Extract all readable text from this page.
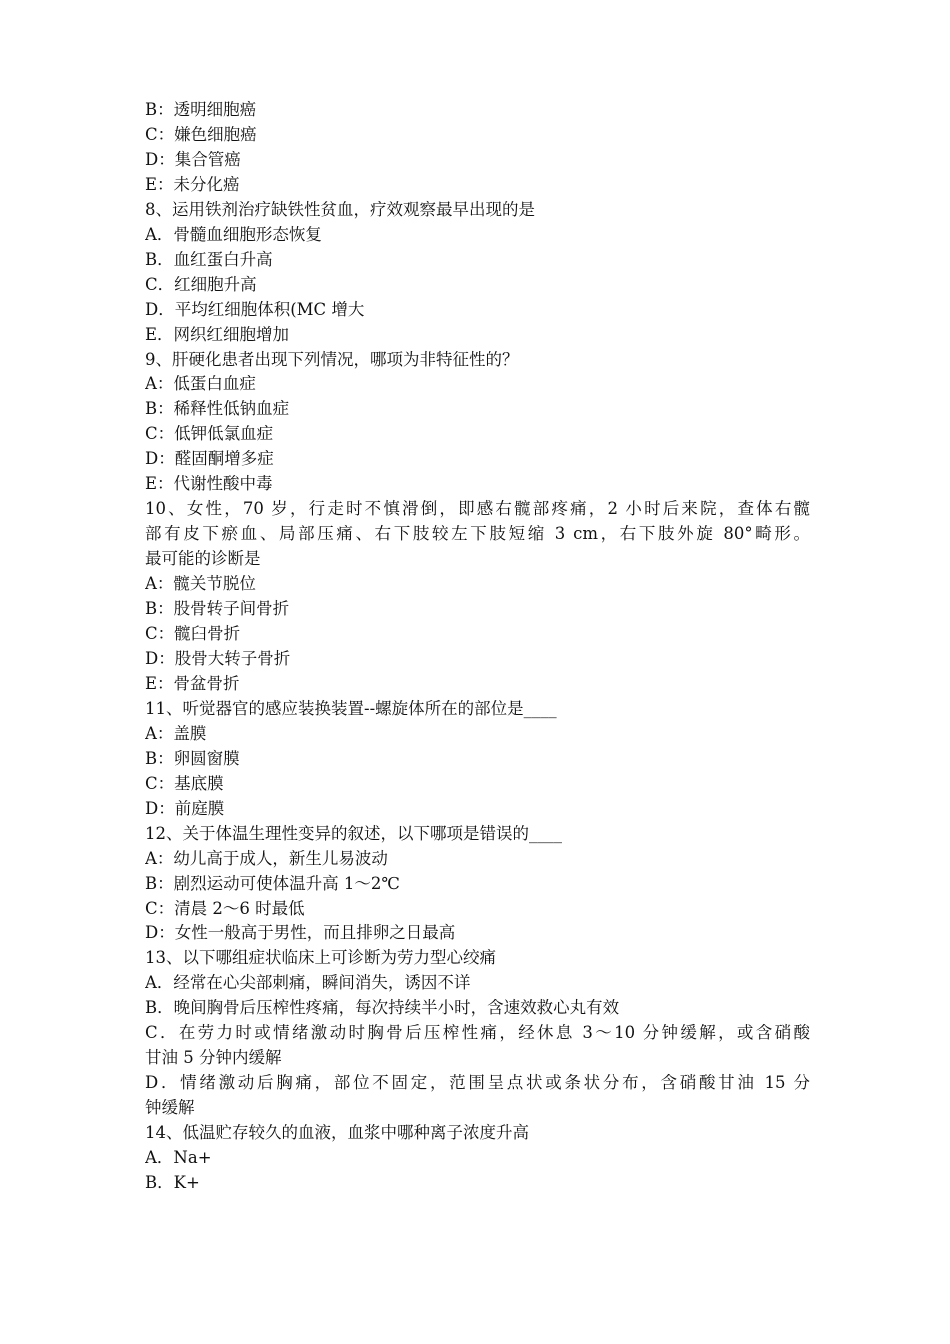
B：透明细胞癌
C：嫌色细胞癌
D：集合管癌
E：未分化癌
8、运用铁剂治疗缺铁性贫血，疗效观察最早出现的是
A．骨髓血细胞形态恢复
B．血红蛋白升高
C．红细胞升高
D．平均红细胞体积(MC 增大
E．网织红细胞增加
9、肝硬化患者出现下列情况，哪项为非特征性的？
A：低蛋白血症
B：稀释性低钠血症
C：低钾低氯血症
D：醛固酮增多症
E：代谢性酸中毒
10、女性，70 岁，行走时不慎滑倒，即感右髋部疼痛，2 小时后来院，查体右髋
部有皮下瘀血、局部压痛、右下肢较左下肢短缩 3 cm，右下肢外旋 80°畸形。
最可能的诊断是
A：髋关节脱位
B：股骨转子间骨折
C：髋臼骨折
D：股骨大转子骨折
E：骨盆骨折
11、听觉器官的感应装换装置--螺旋体所在的部位是____
A：盖膜
B：卵圆窗膜
C：基底膜
D：前庭膜
12、关于体温生理性变异的叙述，以下哪项是错误的____
A：幼儿高于成人，新生儿易波动
B：剧烈运动可使体温升高 1～2℃
C：清晨 2～6 时最低
D：女性一般高于男性，而且排卵之日最高
13、以下哪组症状临床上可诊断为劳力型心绞痛
A．经常在心尖部刺痛，瞬间消失，诱因不详
B．晚间胸骨后压榨性疼痛，每次持续半小时，含速效救心丸有效
C．在劳力时或情绪激动时胸骨后压榨性痛，经休息 3～10 分钟缓解，或含硝酸
甘油 5 分钟内缓解
D．情绪激动后胸痛，部位不固定，范围呈点状或条状分布，含硝酸甘油 15 分
钟缓解
14、低温贮存较久的血液，血浆中哪种离子浓度升高
A．Na+
B．K+
